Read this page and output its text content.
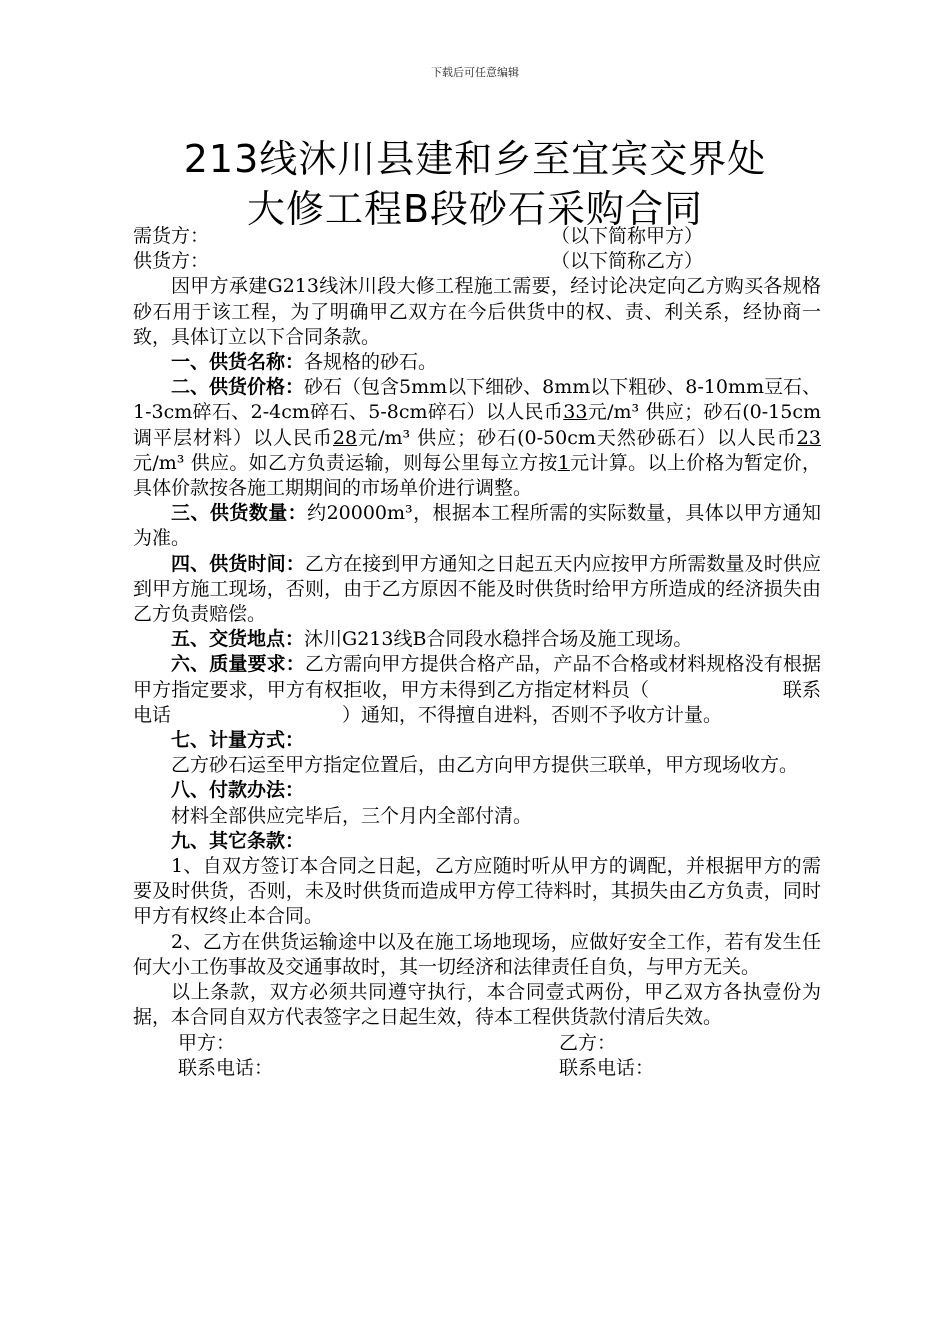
下载后可任意编辑
213线沐川县建和乡至宜宾交界处
大修工程B段砂石采购合同

需货方：	（以下简称甲方）

供货方：	（以下简称乙方）

因甲方承建G213线沐川段大修工程施工需要，经讨论决定向乙方购买各规格砂石用于该工程，为了明确甲乙双方在今后供货中的权、责、利关系，经协商一致，具体订立以下合同条款。

一、供货名称：各规格的砂石。

二、供货价格：砂石（包含5mm以下细砂、8mm以下粗砂、8-10mm豆石、1-3cm碎石、2-4cm碎石、5-8cm碎石）以人民币33元/m³ 供应；砂石(0-15cm调平层材料）以人民币28元/m³ 供应；砂石(0-50cm天然砂砾石）以人民币23元/m³ 供应。如乙方负责运输，则每公里每立方按1元计算。以上价格为暂定价，具体价款按各施工期期间的市场单价进行调整。

三、供货数量：约20000m³，根据本工程所需的实际数量，具体以甲方通知为准。

四、供货时间：乙方在接到甲方通知之日起五天内应按甲方所需数量及时供应到甲方施工现场，否则，由于乙方原因不能及时供货时给甲方所造成的经济损失由乙方负责赔偿。

五、交货地点：沐川G213线B合同段水稳拌合场及施工现场。

六、质量要求：乙方需向甲方提供合格产品，产品不合格或材料规格没有根据甲方指定要求，甲方有权拒收，甲方未得到乙方指定材料员（　　　　　　　联系电话　　　　　　　　　）通知，不得擅自进料，否则不予收方计量。

七、计量方式：

乙方砂石运至甲方指定位置后，由乙方向甲方提供三联单，甲方现场收方。

八、付款办法：

材料全部供应完毕后，三个月内全部付清。

九、其它条款：

1、自双方签订本合同之日起，乙方应随时听从甲方的调配，并根据甲方的需要及时供货，否则，未及时供货而造成甲方停工待料时，其损失由乙方负责，同时甲方有权终止本合同。

2、乙方在供货运输途中以及在施工场地现场，应做好安全工作，若有发生任何大小工伤事故及交通事故时，其一切经济和法律责任自负，与甲方无关。

以上条款，双方必须共同遵守执行，本合同壹式两份，甲乙双方各执壹份为据，本合同自双方代表签字之日起生效，待本工程供货款付清后失效。

甲方：	乙方：

联系电话：	联系电话：
